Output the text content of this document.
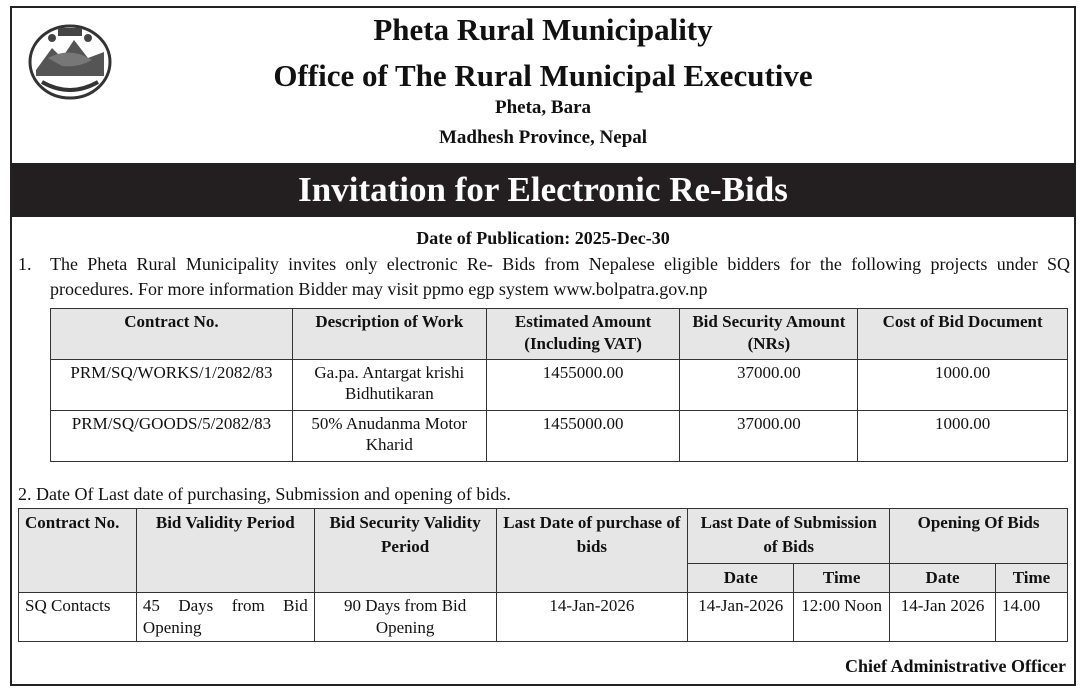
Pheta Rural Municipality
Office of The Rural Municipal Executive
Pheta, Bara
Madhesh Province, Nepal
Invitation for Electronic Re-Bids
Date of Publication: 2025-Dec-30
1. The Pheta Rural Municipality invites only electronic Re- Bids from Nepalese eligible bidders for the following projects under SQ procedures. For more information Bidder may visit ppmo egp system www.bolpatra.gov.np
Contract No.	Description of Work	Estimated Amount (Including VAT)	Bid Security Amount (NRs)	Cost of Bid Document
PRM/SQ/WORKS/1/2082/83	Ga.pa. Antargat krishi Bidhutikaran	1455000.00	37000.00	1000.00
PRM/SQ/GOODS/5/2082/83	50% Anudanma Motor Kharid	1455000.00	37000.00	1000.00
2. Date Of Last date of purchasing, Submission and opening of bids.
Contract No.	Bid Validity Period	Bid Security Validity Period	Last Date of purchase of bids	Last Date of Submission of Bids		Opening Of Bids	
				Date	Time	Date	Time
SQ Contacts	45 Days from Bid Opening	90 Days from Bid Opening	14-Jan-2026	14-Jan-2026	12:00 Noon	14-Jan 2026	14.00
Chief Administrative Officer
